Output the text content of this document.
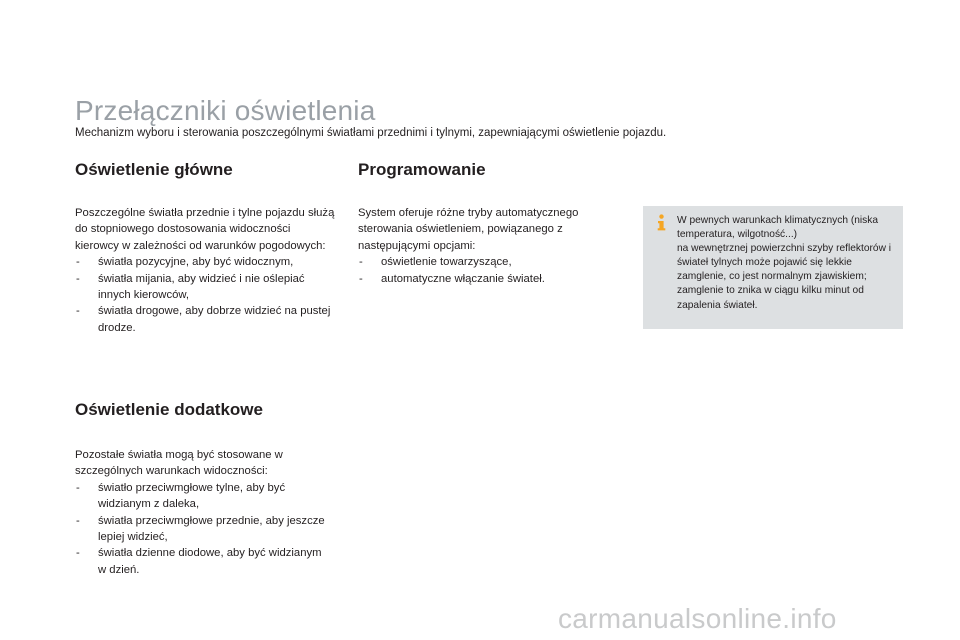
Przełączniki oświetlenia
Mechanizm wyboru i sterowania poszczególnymi światłami przednimi i tylnymi, zapewniającymi oświetlenie pojazdu.
Oświetlenie główne

Poszczególne światła przednie i tylne pojazdu służą do stopniowego dostosowania widoczności kierowcy w zależności od warunków pogodowych:

- światła pozycyjne, aby być widocznym,
- światła mijania, aby widzieć i nie oślepiać innych kierowców,
- światła drogowe, aby dobrze widzieć na pustej drodze.
Oświetlenie dodatkowe

Pozostałe światła mogą być stosowane w szczególnych warunkach widoczności:

- światło przeciwmgłowe tylne, aby być widzianym z daleka,
- światła przeciwmgłowe przednie, aby jeszcze lepiej widzieć,
- światła dzienne diodowe, aby być widzianym w dzień.
Programowanie

System oferuje różne tryby automatycznego sterowania oświetleniem, powiązanego z następującymi opcjami:

- oświetlenie towarzyszące,
- automatyczne włączanie świateł.
W pewnych warunkach klimatycznych (niska temperatura, wilgotność...)
na wewnętrznej powierzchni szyby reflektorów i świateł tylnych może pojawić się lekkie zamglenie, co jest normalnym zjawiskiem; zamglenie to znika w ciągu kilku minut od zapalenia świateł.
carmanualsonline.info
